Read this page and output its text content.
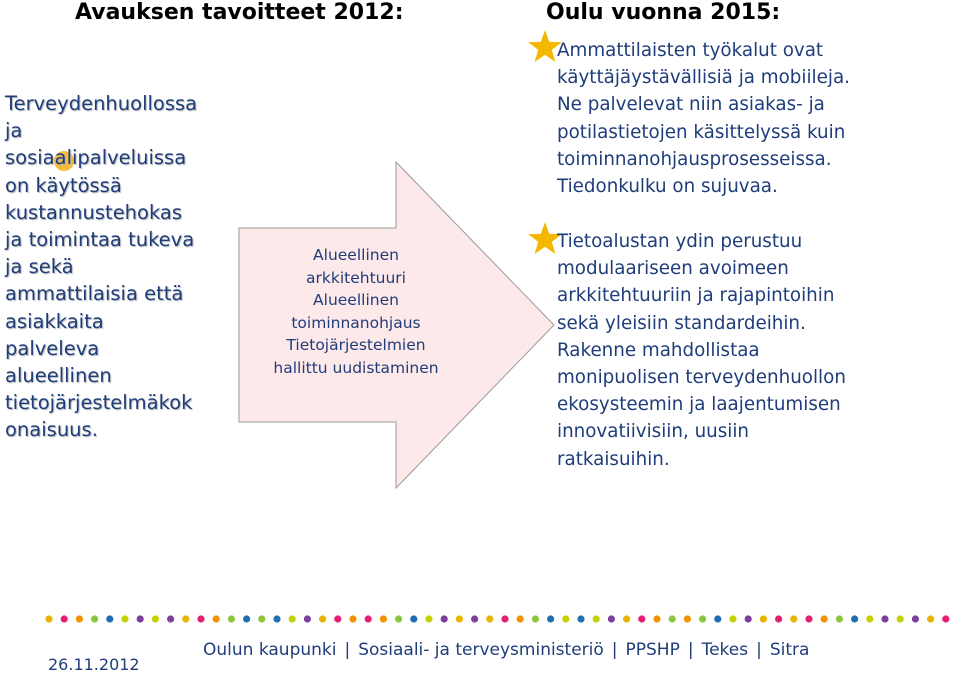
Avauksen tavoitteet 2012:	Oulu vuonna 2015:
Terveydenhuollossa
ja
sosiaalipalveluissa
on käytössä
kustannustehokas
ja toimintaa tukeva
ja sekä
ammattilaisia että
asiakkaita
palveleva
alueellinen
tietojärjestelmäkok
onaisuus.
Alueellinen
arkkitehtuuri
Alueellinen
toiminnanohjaus
Tietojärjestelmien
hallittu uudistaminen
Ammattilaisten työkalut ovat
käyttäjäystävällisiä ja mobiileja.
Ne palvelevat niin asiakas- ja
potilastietojen käsittelyssä kuin
toiminnanohjausprosesseissa.
Tiedonkulku on sujuvaa.
Tietoalustan ydin perustuu
modulaariseen avoimeen
arkkitehtuuriin ja rajapintoihin
sekä yleisiin standardeihin.
Rakenne mahdollistaa
monipuolisen terveydenhuollon
ekosysteemin ja laajentumisen
innovatiivisiin, uusiin
ratkaisuihin.
26.11.2012
Oulun kaupunki | Sosiaali- ja terveysministeriö | PPSHP | Tekes | Sitra
